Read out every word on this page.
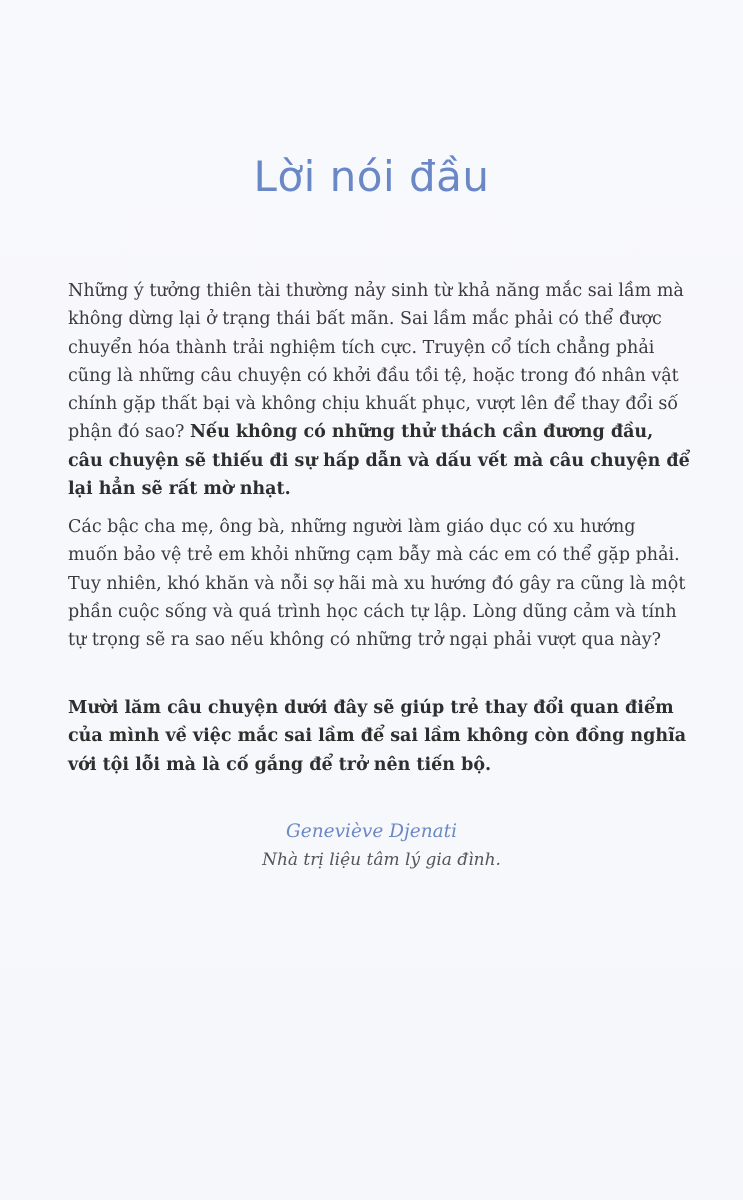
Lời nói đầu

Những ý tưởng thiên tài thường nảy sinh từ khả năng mắc sai lầm mà không dừng lại ở trạng thái bất mãn. Sai lầm mắc phải có thể được chuyển hóa thành trải nghiệm tích cực. Truyện cổ tích chẳng phải cũng là những câu chuyện có khởi đầu tồi tệ, hoặc trong đó nhân vật chính gặp thất bại và không chịu khuất phục, vượt lên để thay đổi số phận đó sao? Nếu không có những thử thách cần đương đầu, câu chuyện sẽ thiếu đi sự hấp dẫn và dấu vết mà câu chuyện để lại hẳn sẽ rất mờ nhạt.

Các bậc cha mẹ, ông bà, những người làm giáo dục có xu hướng muốn bảo vệ trẻ em khỏi những cạm bẫy mà các em có thể gặp phải. Tuy nhiên, khó khăn và nỗi sợ hãi mà xu hướng đó gây ra cũng là một phần cuộc sống và quá trình học cách tự lập. Lòng dũng cảm và tính tự trọng sẽ ra sao nếu không có những trở ngại phải vượt qua này?

Mười lăm câu chuyện dưới đây sẽ giúp trẻ thay đổi quan điểm của mình về việc mắc sai lầm để sai lầm không còn đồng nghĩa với tội lỗi mà là cố gắng để trở nên tiến bộ.

Geneviève Djenati
Nhà trị liệu tâm lý gia đình.
